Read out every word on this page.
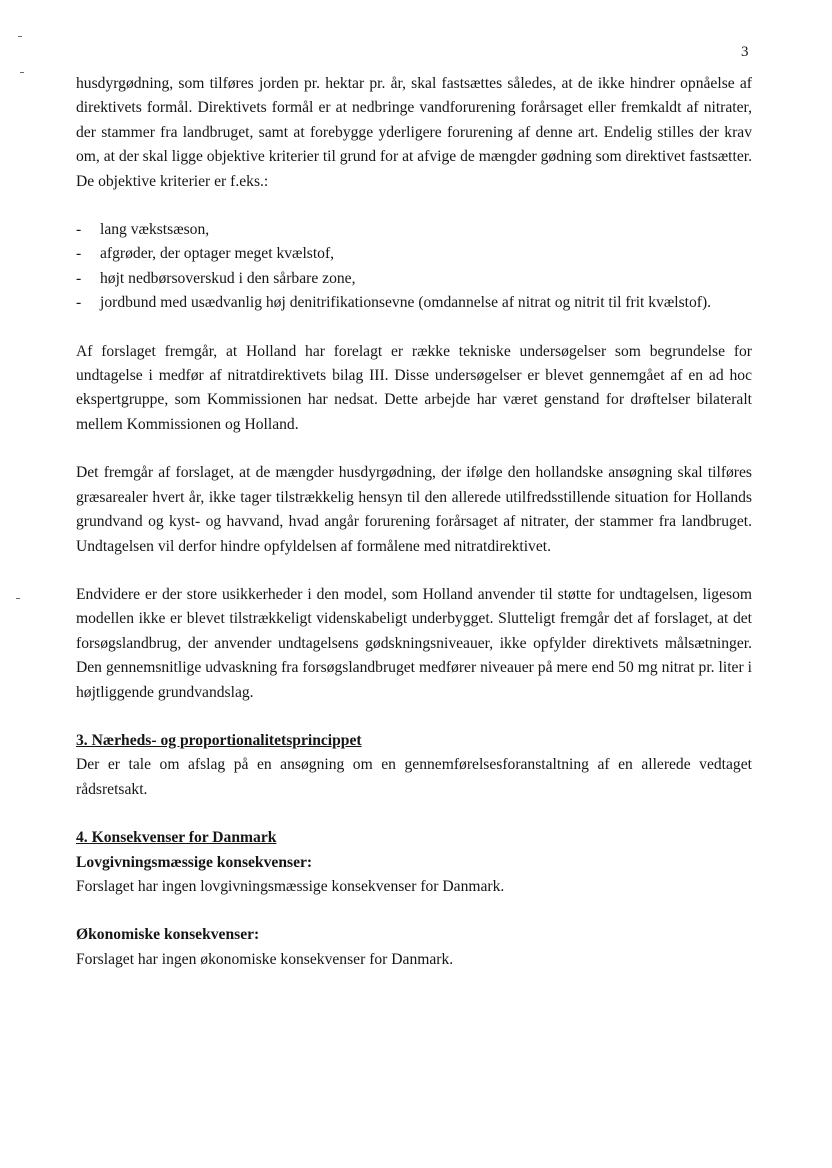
3

husdyrgødning, som tilføres jorden pr. hektar pr. år, skal fastsættes således, at de ikke hindrer opnåelse af direktivets formål. Direktivets formål er at nedbringe vandforurening forårsaget eller fremkaldt af nitrater, der stammer fra landbruget, samt at forebygge yderligere forurening af denne art. Endelig stilles der krav om, at der skal ligge objektive kriterier til grund for at afvige de mængder gødning som direktivet fastsætter. De objektive kriterier er f.eks.:

- lang vækstsæson,
- afgrøder, der optager meget kvælstof,
- højt nedbørsoverskud i den sårbare zone,
- jordbund med usædvanlig høj denitrifikationsevne (omdannelse af nitrat og nitrit til frit kvælstof).

Af forslaget fremgår, at Holland har forelagt er række tekniske undersøgelser som begrundelse for undtagelse i medfør af nitratdirektivets bilag III. Disse undersøgelser er blevet gennemgået af en ad hoc ekspertgruppe, som Kommissionen har nedsat. Dette arbejde har været genstand for drøftelser bilateralt mellem Kommissionen og Holland.

Det fremgår af forslaget, at de mængder husdyrgødning, der ifølge den hollandske ansøgning skal tilføres græsarealer hvert år, ikke tager tilstrækkelig hensyn til den allerede utilfredsstillende situation for Hollands grundvand og kyst- og havvand, hvad angår forurening forårsaget af nitrater, der stammer fra landbruget. Undtagelsen vil derfor hindre opfyldelsen af formålene med nitratdirektivet.

Endvidere er der store usikkerheder i den model, som Holland anvender til støtte for undtagelsen, ligesom modellen ikke er blevet tilstrækkeligt videnskabeligt underbygget. Slutteligt fremgår det af forslaget, at det forsøgslandbrug, der anvender undtagelsens gødskningsniveauer, ikke opfylder direktivets målsætninger. Den gennemsnitlige udvaskning fra forsøgslandbruget medfører niveauer på mere end 50 mg nitrat pr. liter i højtliggende grundvandslag.

3. Nærheds- og proportionalitetsprincippet

Der er tale om afslag på en ansøgning om en gennemførelsesforanstaltning af en allerede vedtaget rådsretsakt.

4. Konsekvenser for Danmark

Lovgivningsmæssige konsekvenser:

Forslaget har ingen lovgivningsmæssige konsekvenser for Danmark.

Økonomiske konsekvenser:

Forslaget har ingen økonomiske konsekvenser for Danmark.
